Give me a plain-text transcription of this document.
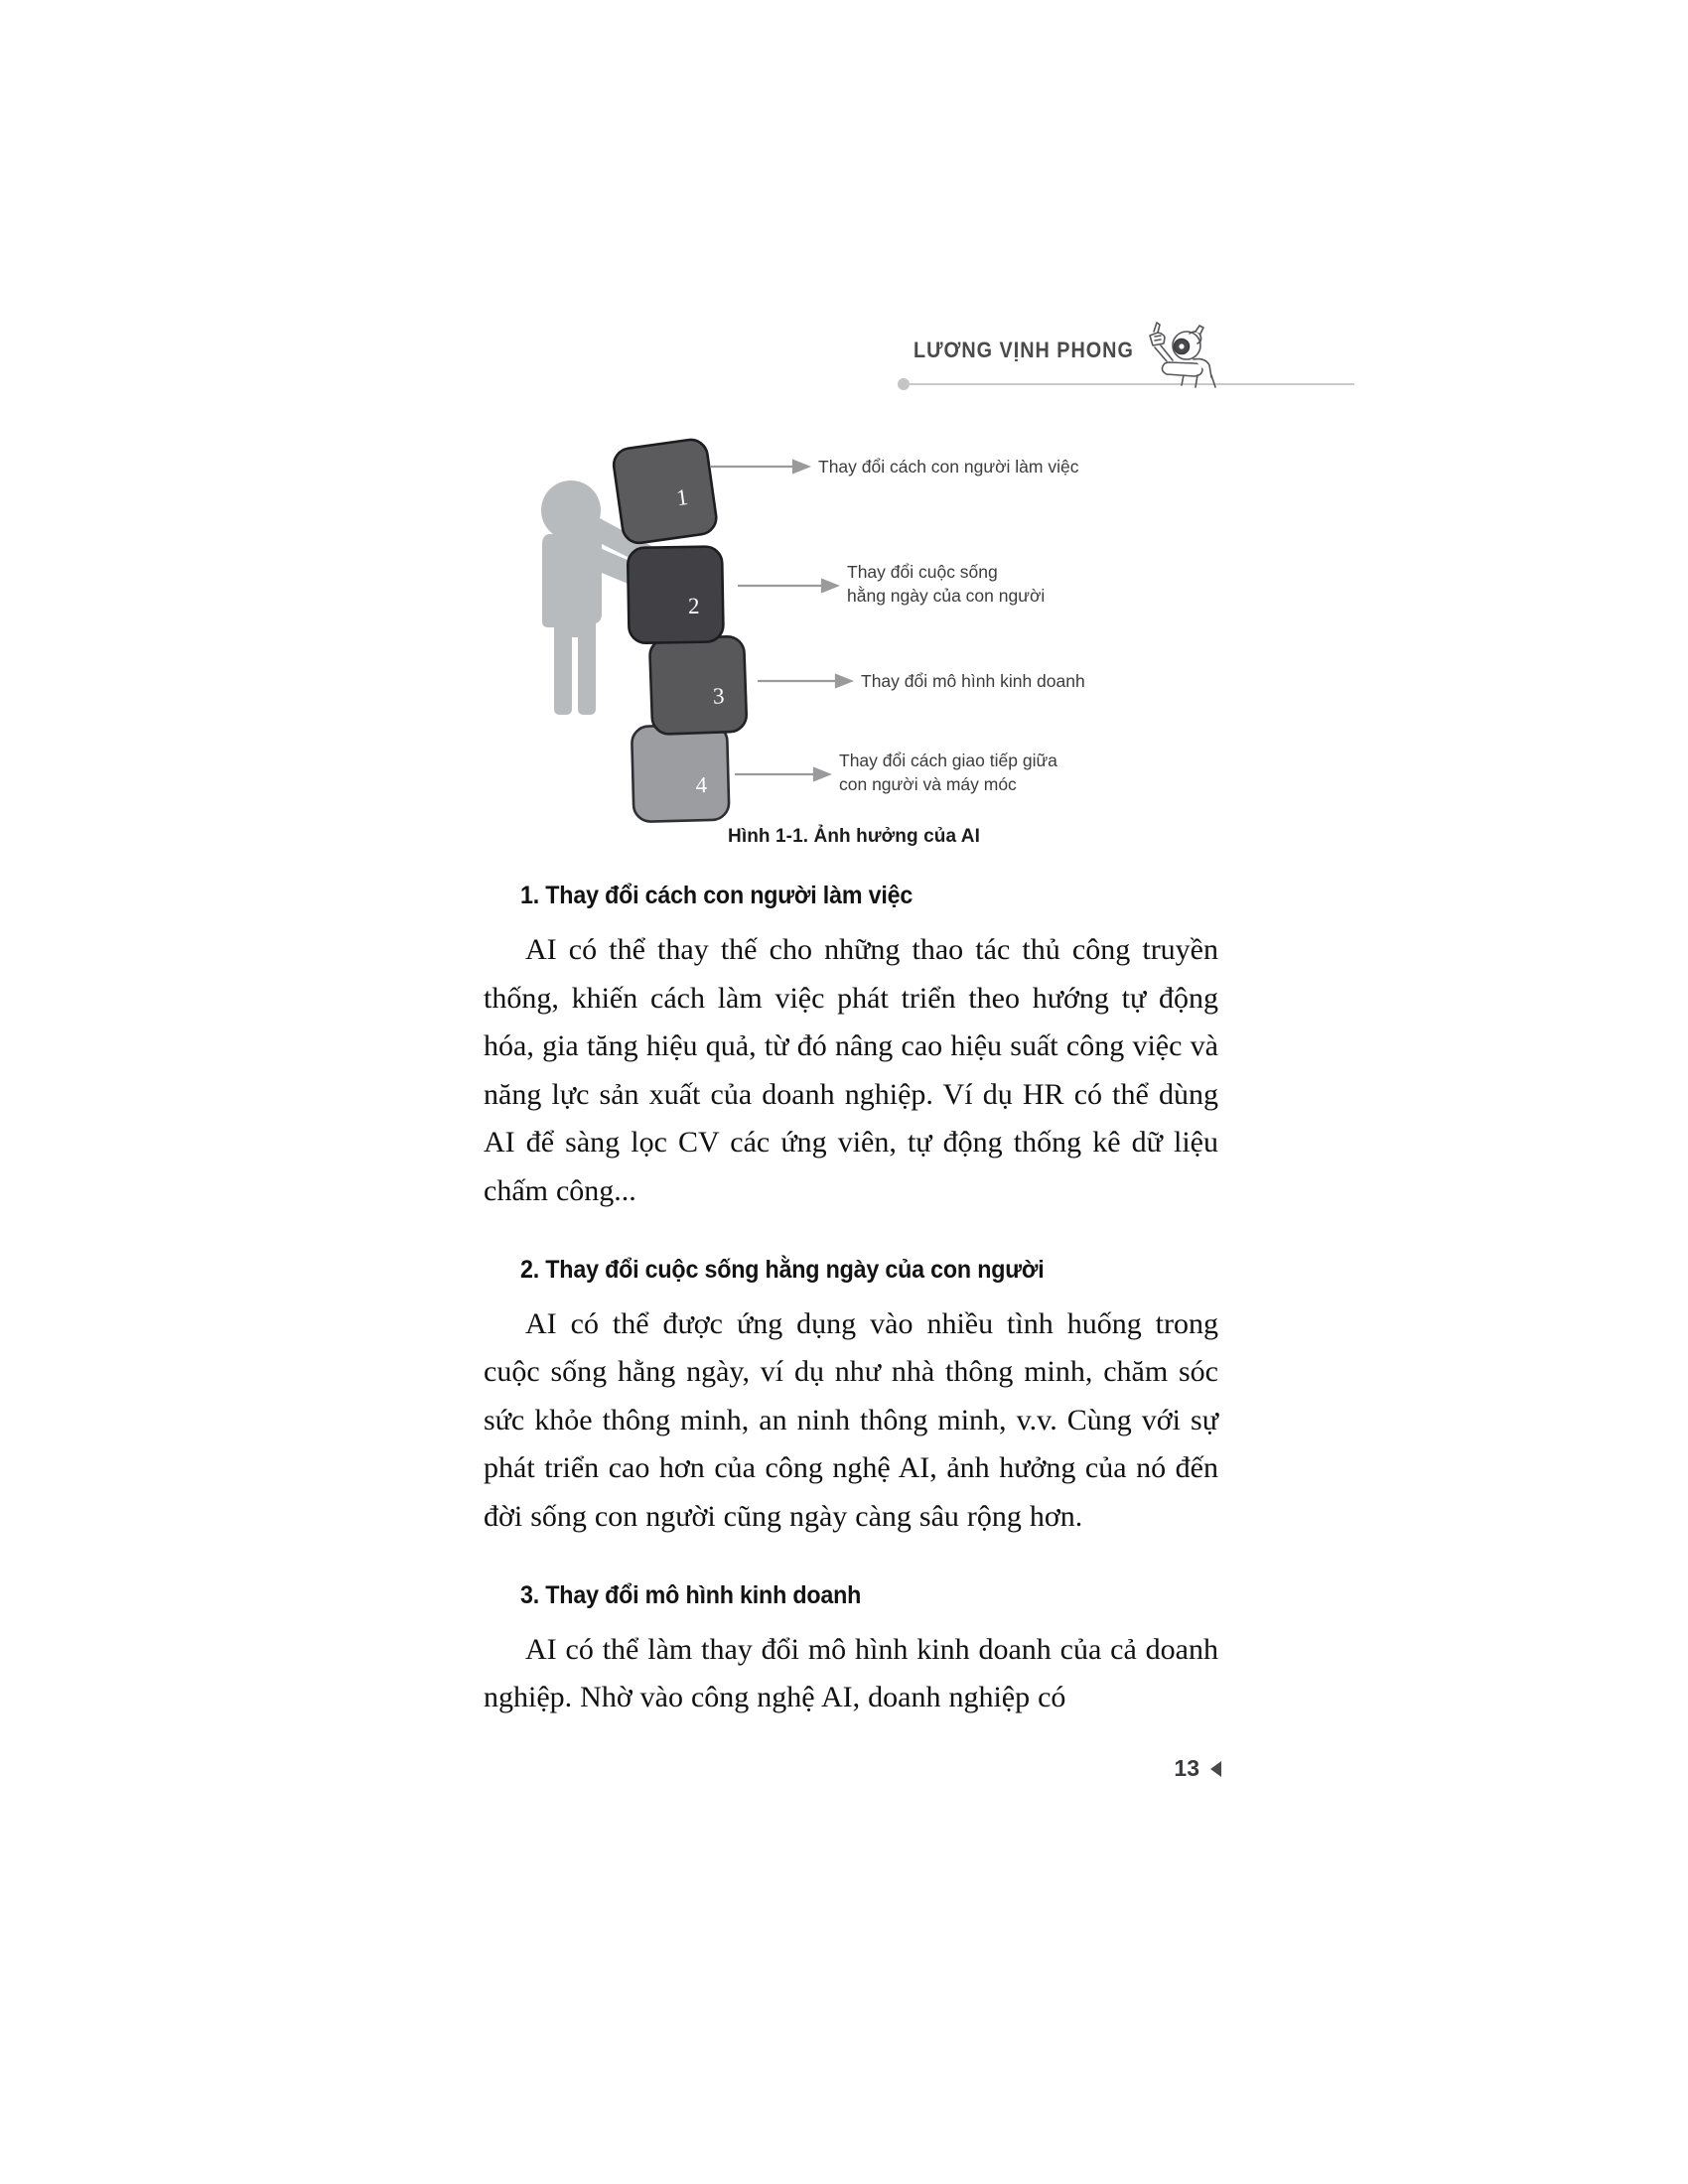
LƯƠNG VỊNH PHONG
4
3
2
1
Thay đổi cách con người làm việc
Thay đổi cuộc sống
hằng ngày của con người
Thay đổi mô hình kinh doanh
Thay đổi cách giao tiếp giữa
con người và máy móc
Hình 1-1. Ảnh hưởng của AI
1. Thay đổi cách con người làm việc

AI có thể thay thế cho những thao tác thủ công truyền thống, khiến cách làm việc phát triển theo hướng tự động hóa, gia tăng hiệu quả, từ đó nâng cao hiệu suất công việc và năng lực sản xuất của doanh nghiệp. Ví dụ HR có thể dùng AI để sàng lọc CV các ứng viên, tự động thống kê dữ liệu chấm công...

2. Thay đổi cuộc sống hằng ngày của con người

AI có thể được ứng dụng vào nhiều tình huống trong cuộc sống hằng ngày, ví dụ như nhà thông minh, chăm sóc sức khỏe thông minh, an ninh thông minh, v.v. Cùng với sự phát triển cao hơn của công nghệ AI, ảnh hưởng của nó đến đời sống con người cũng ngày càng sâu rộng hơn.

3. Thay đổi mô hình kinh doanh

AI có thể làm thay đổi mô hình kinh doanh của cả doanh nghiệp. Nhờ vào công nghệ AI, doanh nghiệp có

13
